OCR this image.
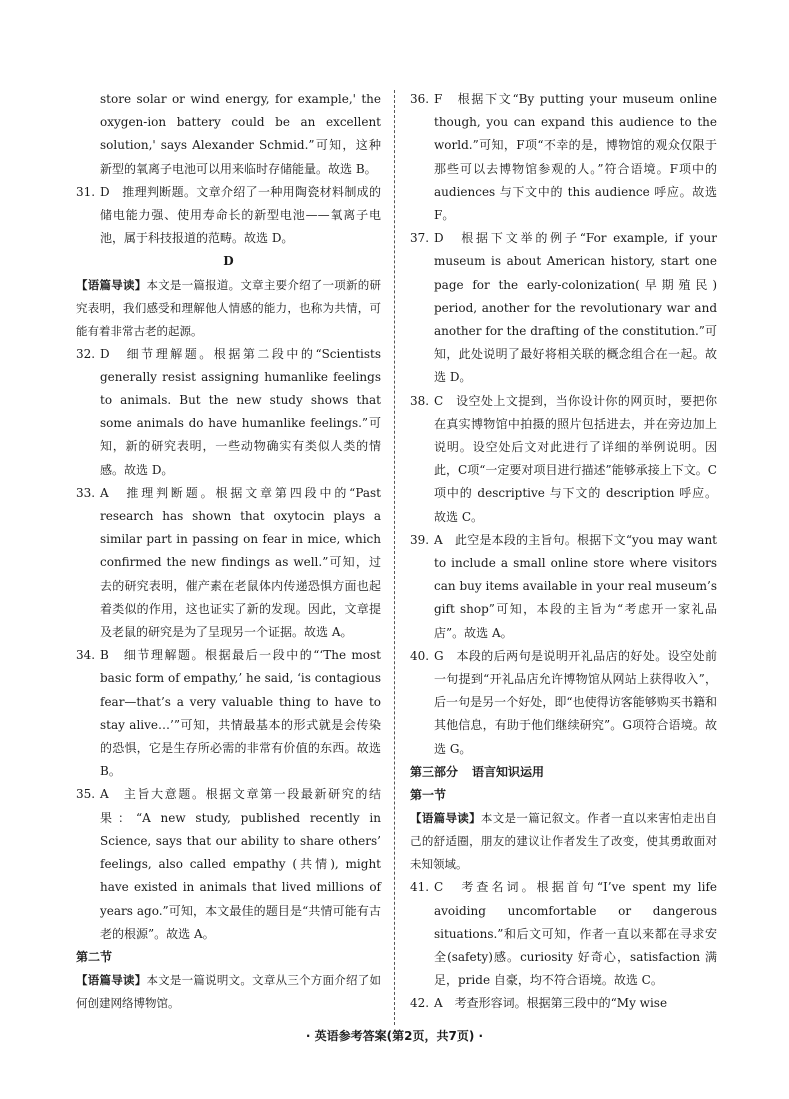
store solar or wind energy, for example,' the oxygen-ion battery could be an excellent solution,' says Alexander Schmid.”可知，这种新型的氧离子电池可以用来临时存储能量。故选 B。

31. D　推理判断题。文章介绍了一种用陶瓷材料制成的储电能力强、使用寿命长的新型电池——氧离子电池，属于科技报道的范畴。故选 D。

D

【语篇导读】本文是一篇报道。文章主要介绍了一项新的研究表明，我们感受和理解他人情感的能力，也称为共情，可能有着非常古老的起源。

32. D　细节理解题。根据第二段中的“Scientists generally resist assigning humanlike feelings to animals. But the new study shows that some animals do have humanlike feelings.”可知，新的研究表明，一些动物确实有类似人类的情感。故选 D。

33. A　推理判断题。根据文章第四段中的“Past research has shown that oxytocin plays a similar part in passing on fear in mice, which confirmed the new findings as well.”可知，过去的研究表明，催产素在老鼠体内传递恐惧方面也起着类似的作用，这也证实了新的发现。因此，文章提及老鼠的研究是为了呈现另一个证据。故选 A。

34. B　细节理解题。根据最后一段中的“‘The most basic form of empathy,’ he said, ‘is contagious fear—that’s a very valuable thing to have to stay alive…’”可知，共情最基本的形式就是会传染的恐惧，它是生存所必需的非常有价值的东西。故选 B。

35. A　主旨大意题。根据文章第一段最新研究的结果：“A new study, published recently in Science, says that our ability to share others’ feelings, also called empathy (共情), might have existed in animals that lived millions of years ago.”可知，本文最佳的题目是“共情可能有古老的根源”。故选 A。

第二节

【语篇导读】本文是一篇说明文。文章从三个方面介绍了如何创建网络博物馆。

36. F　根据下文“By putting your museum online though, you can expand this audience to the world.”可知，F项“不幸的是，博物馆的观众仅限于那些可以去博物馆参观的人。”符合语境。F项中的 audiences 与下文中的 this audience 呼应。故选 F。

37. D　根据下文举的例子“For example, if your museum is about American history, start one page for the early-colonization(早期殖民) period, another for the revolutionary war and another for the drafting of the constitution.”可知，此处说明了最好将相关联的概念组合在一起。故选 D。

38. C　设空处上文提到，当你设计你的网页时，要把你在真实博物馆中拍摄的照片包括进去，并在旁边加上说明。设空处后文对此进行了详细的举例说明。因此，C项“一定要对项目进行描述”能够承接上下文。C项中的 descriptive 与下文的 description 呼应。故选 C。

39. A　此空是本段的主旨句。根据下文“you may want to include a small online store where visitors can buy items available in your real museum’s gift shop”可知，本段的主旨为“考虑开一家礼品店”。故选 A。

40. G　本段的后两句是说明开礼品店的好处。设空处前一句提到“开礼品店允许博物馆从网站上获得收入”，后一句是另一个好处，即“也使得访客能够购买书籍和其他信息，有助于他们继续研究”。G项符合语境。故选 G。

第三部分 语言知识运用

第一节

【语篇导读】本文是一篇记叙文。作者一直以来害怕走出自己的舒适圈，朋友的建议让作者发生了改变，使其勇敢面对未知领域。

41. C　考查名词。根据首句“I’ve spent my life avoiding uncomfortable or dangerous situations.”和后文可知，作者一直以来都在寻求安全(safety)感。curiosity 好奇心，satisfaction 满足，pride 自豪，均不符合语境。故选 C。

42. A　考查形容词。根据第三段中的“My wise

· 英语参考答案(第2页，共7页) ·
